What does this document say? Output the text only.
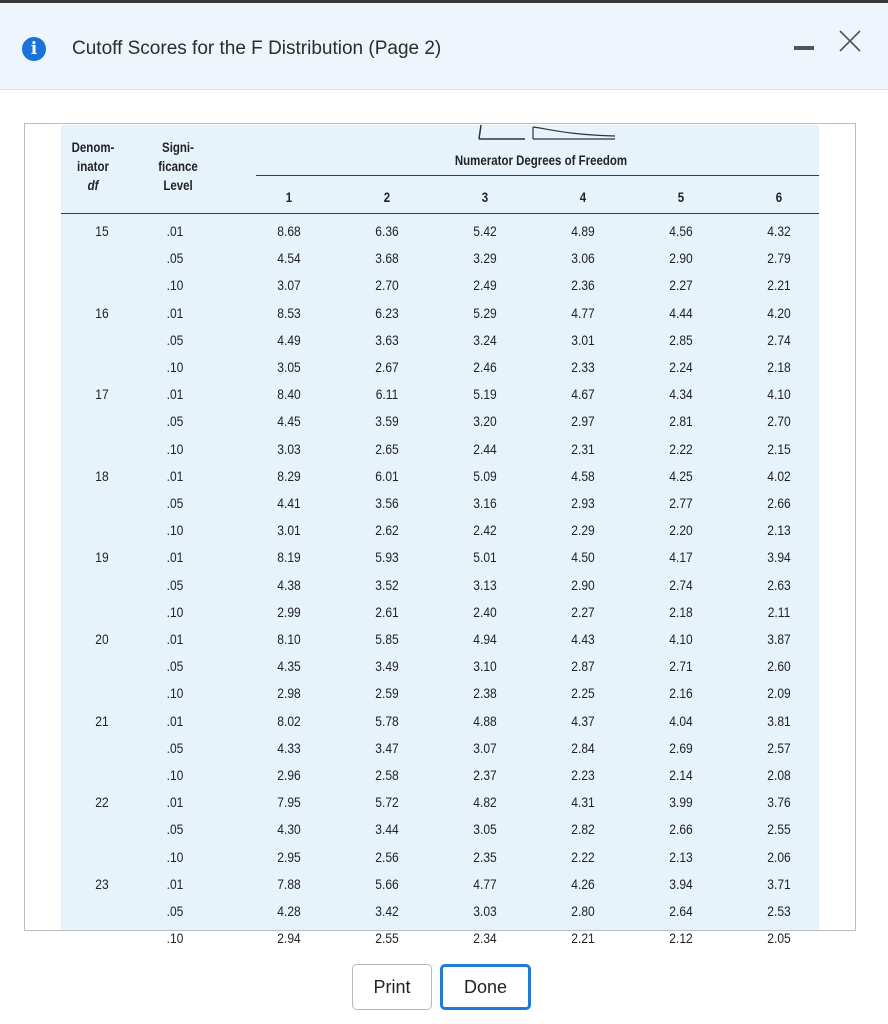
i	Cutoff Scores for the F Distribution (Page 2)
Denom-
inator
df
Signi-
ficance
Level
Numerator Degrees of Freedom
1	2	3	4	5	6
15	.01	8.68	6.36	5.42	4.89	4.56	4.32
.05	4.54	3.68	3.29	3.06	2.90	2.79
.10	3.07	2.70	2.49	2.36	2.27	2.21
16	.01	8.53	6.23	5.29	4.77	4.44	4.20
.05	4.49	3.63	3.24	3.01	2.85	2.74
.10	3.05	2.67	2.46	2.33	2.24	2.18
17	.01	8.40	6.11	5.19	4.67	4.34	4.10
.05	4.45	3.59	3.20	2.97	2.81	2.70
.10	3.03	2.65	2.44	2.31	2.22	2.15
18	.01	8.29	6.01	5.09	4.58	4.25	4.02
.05	4.41	3.56	3.16	2.93	2.77	2.66
.10	3.01	2.62	2.42	2.29	2.20	2.13
19	.01	8.19	5.93	5.01	4.50	4.17	3.94
.05	4.38	3.52	3.13	2.90	2.74	2.63
.10	2.99	2.61	2.40	2.27	2.18	2.11
20	.01	8.10	5.85	4.94	4.43	4.10	3.87
.05	4.35	3.49	3.10	2.87	2.71	2.60
.10	2.98	2.59	2.38	2.25	2.16	2.09
21	.01	8.02	5.78	4.88	4.37	4.04	3.81
.05	4.33	3.47	3.07	2.84	2.69	2.57
.10	2.96	2.58	2.37	2.23	2.14	2.08
22	.01	7.95	5.72	4.82	4.31	3.99	3.76
.05	4.30	3.44	3.05	2.82	2.66	2.55
.10	2.95	2.56	2.35	2.22	2.13	2.06
23	.01	7.88	5.66	4.77	4.26	3.94	3.71
.05	4.28	3.42	3.03	2.80	2.64	2.53
.10	2.94	2.55	2.34	2.21	2.12	2.05
Print	Done
